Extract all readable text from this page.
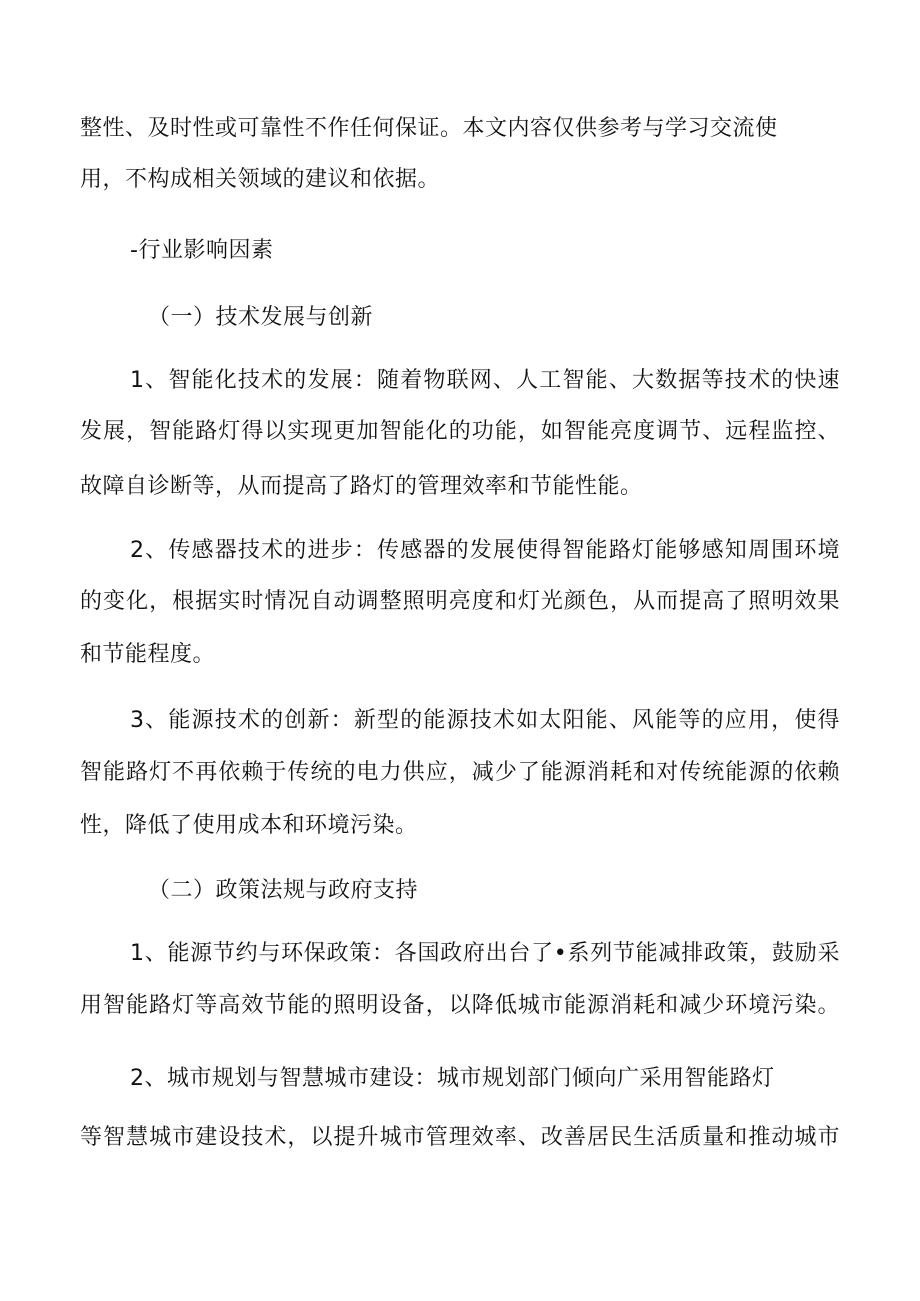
整性、及时性或可靠性不作任何保证。本文内容仅供参考与学习交流使
用，不构成相关领域的建议和依据。
-行业影响因素
（一）技术发展与创新
1、智能化技术的发展：随着物联网、人工智能、大数据等技术的快速
发展，智能路灯得以实现更加智能化的功能，如智能亮度调节、远程监控、
故障自诊断等，从而提高了路灯的管理效率和节能性能。
2、传感器技术的进步：传感器的发展使得智能路灯能够感知周围环境
的变化，根据实时情况自动调整照明亮度和灯光颜色，从而提高了照明效果
和节能程度。
3、能源技术的创新：新型的能源技术如太阳能、风能等的应用，使得
智能路灯不再依赖于传统的电力供应，减少了能源消耗和对传统能源的依赖
性，降低了使用成本和环境污染。
（二）政策法规与政府支持
1、能源节约与环保政策：各国政府出台了•系列节能减排政策，鼓励采
用智能路灯等高效节能的照明设备，以降低城市能源消耗和减少环境污染。
2、城市规划与智慧城市建设：城市规划部门倾向广采用智能路灯
等智慧城市建设技术，以提升城市管理效率、改善居民生活质量和推动城市
